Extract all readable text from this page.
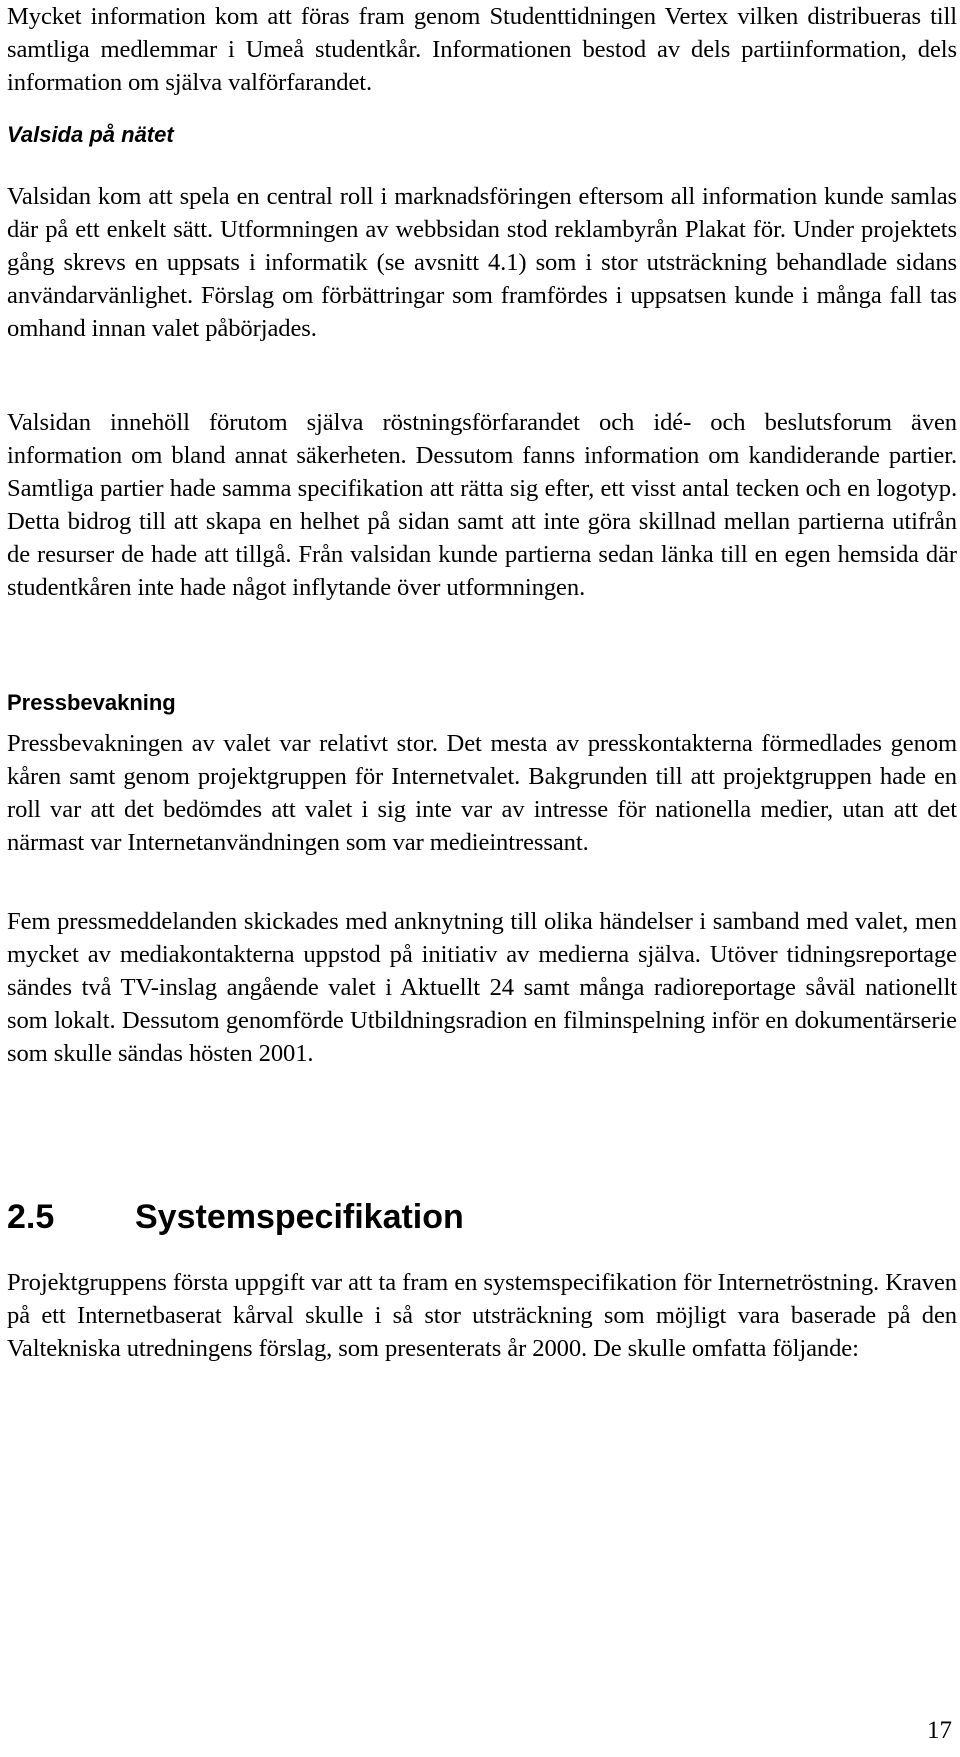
Mycket information kom att föras fram genom Studenttidningen Vertex vilken distribueras till samtliga medlemmar i Umeå studentkår. Informationen bestod av dels partiinformation, dels information om själva valförfarandet.

Valsida på nätet

Valsidan kom att spela en central roll i marknadsföringen eftersom all information kunde samlas där på ett enkelt sätt. Utformningen av webbsidan stod reklambyrån Plakat för. Under projektets gång skrevs en uppsats i informatik (se avsnitt 4.1) som i stor utsträckning behandlade sidans användarvänlighet. Förslag om förbättringar som framfördes i uppsatsen kunde i många fall tas omhand innan valet påbörjades.

Valsidan innehöll förutom själva röstningsförfarandet och idé- och beslutsforum även information om bland annat säkerheten. Dessutom fanns information om kandiderande partier. Samtliga partier hade samma specifikation att rätta sig efter, ett visst antal tecken och en logotyp. Detta bidrog till att skapa en helhet på sidan samt att inte göra skillnad mellan partierna utifrån de resurser de hade att tillgå. Från valsidan kunde partierna sedan länka till en egen hemsida där studentkåren inte hade något inflytande över utformningen.

Pressbevakning

Pressbevakningen av valet var relativt stor. Det mesta av presskontakterna förmedlades genom kåren samt genom projektgruppen för Internetvalet. Bakgrunden till att projektgruppen hade en roll var att det bedömdes att valet i sig inte var av intresse för nationella medier, utan att det närmast var Internetanvändningen som var medieintressant.

Fem pressmeddelanden skickades med anknytning till olika händelser i samband med valet, men mycket av mediakontakterna uppstod på initiativ av medierna själva. Utöver tidningsreportage sändes två TV-inslag angående valet i Aktuellt 24 samt många radioreportage såväl nationellt som lokalt. Dessutom genomförde Utbildningsradion en filminspelning inför en dokumentärserie som skulle sändas hösten 2001.

2.5 Systemspecifikation

Projektgruppens första uppgift var att ta fram en systemspecifikation för Internetröstning. Kraven på ett Internetbaserat kårval skulle i så stor utsträckning som möjligt vara baserade på den Valtekniska utredningens förslag, som presenterats år 2000. De skulle omfatta följande:

17
